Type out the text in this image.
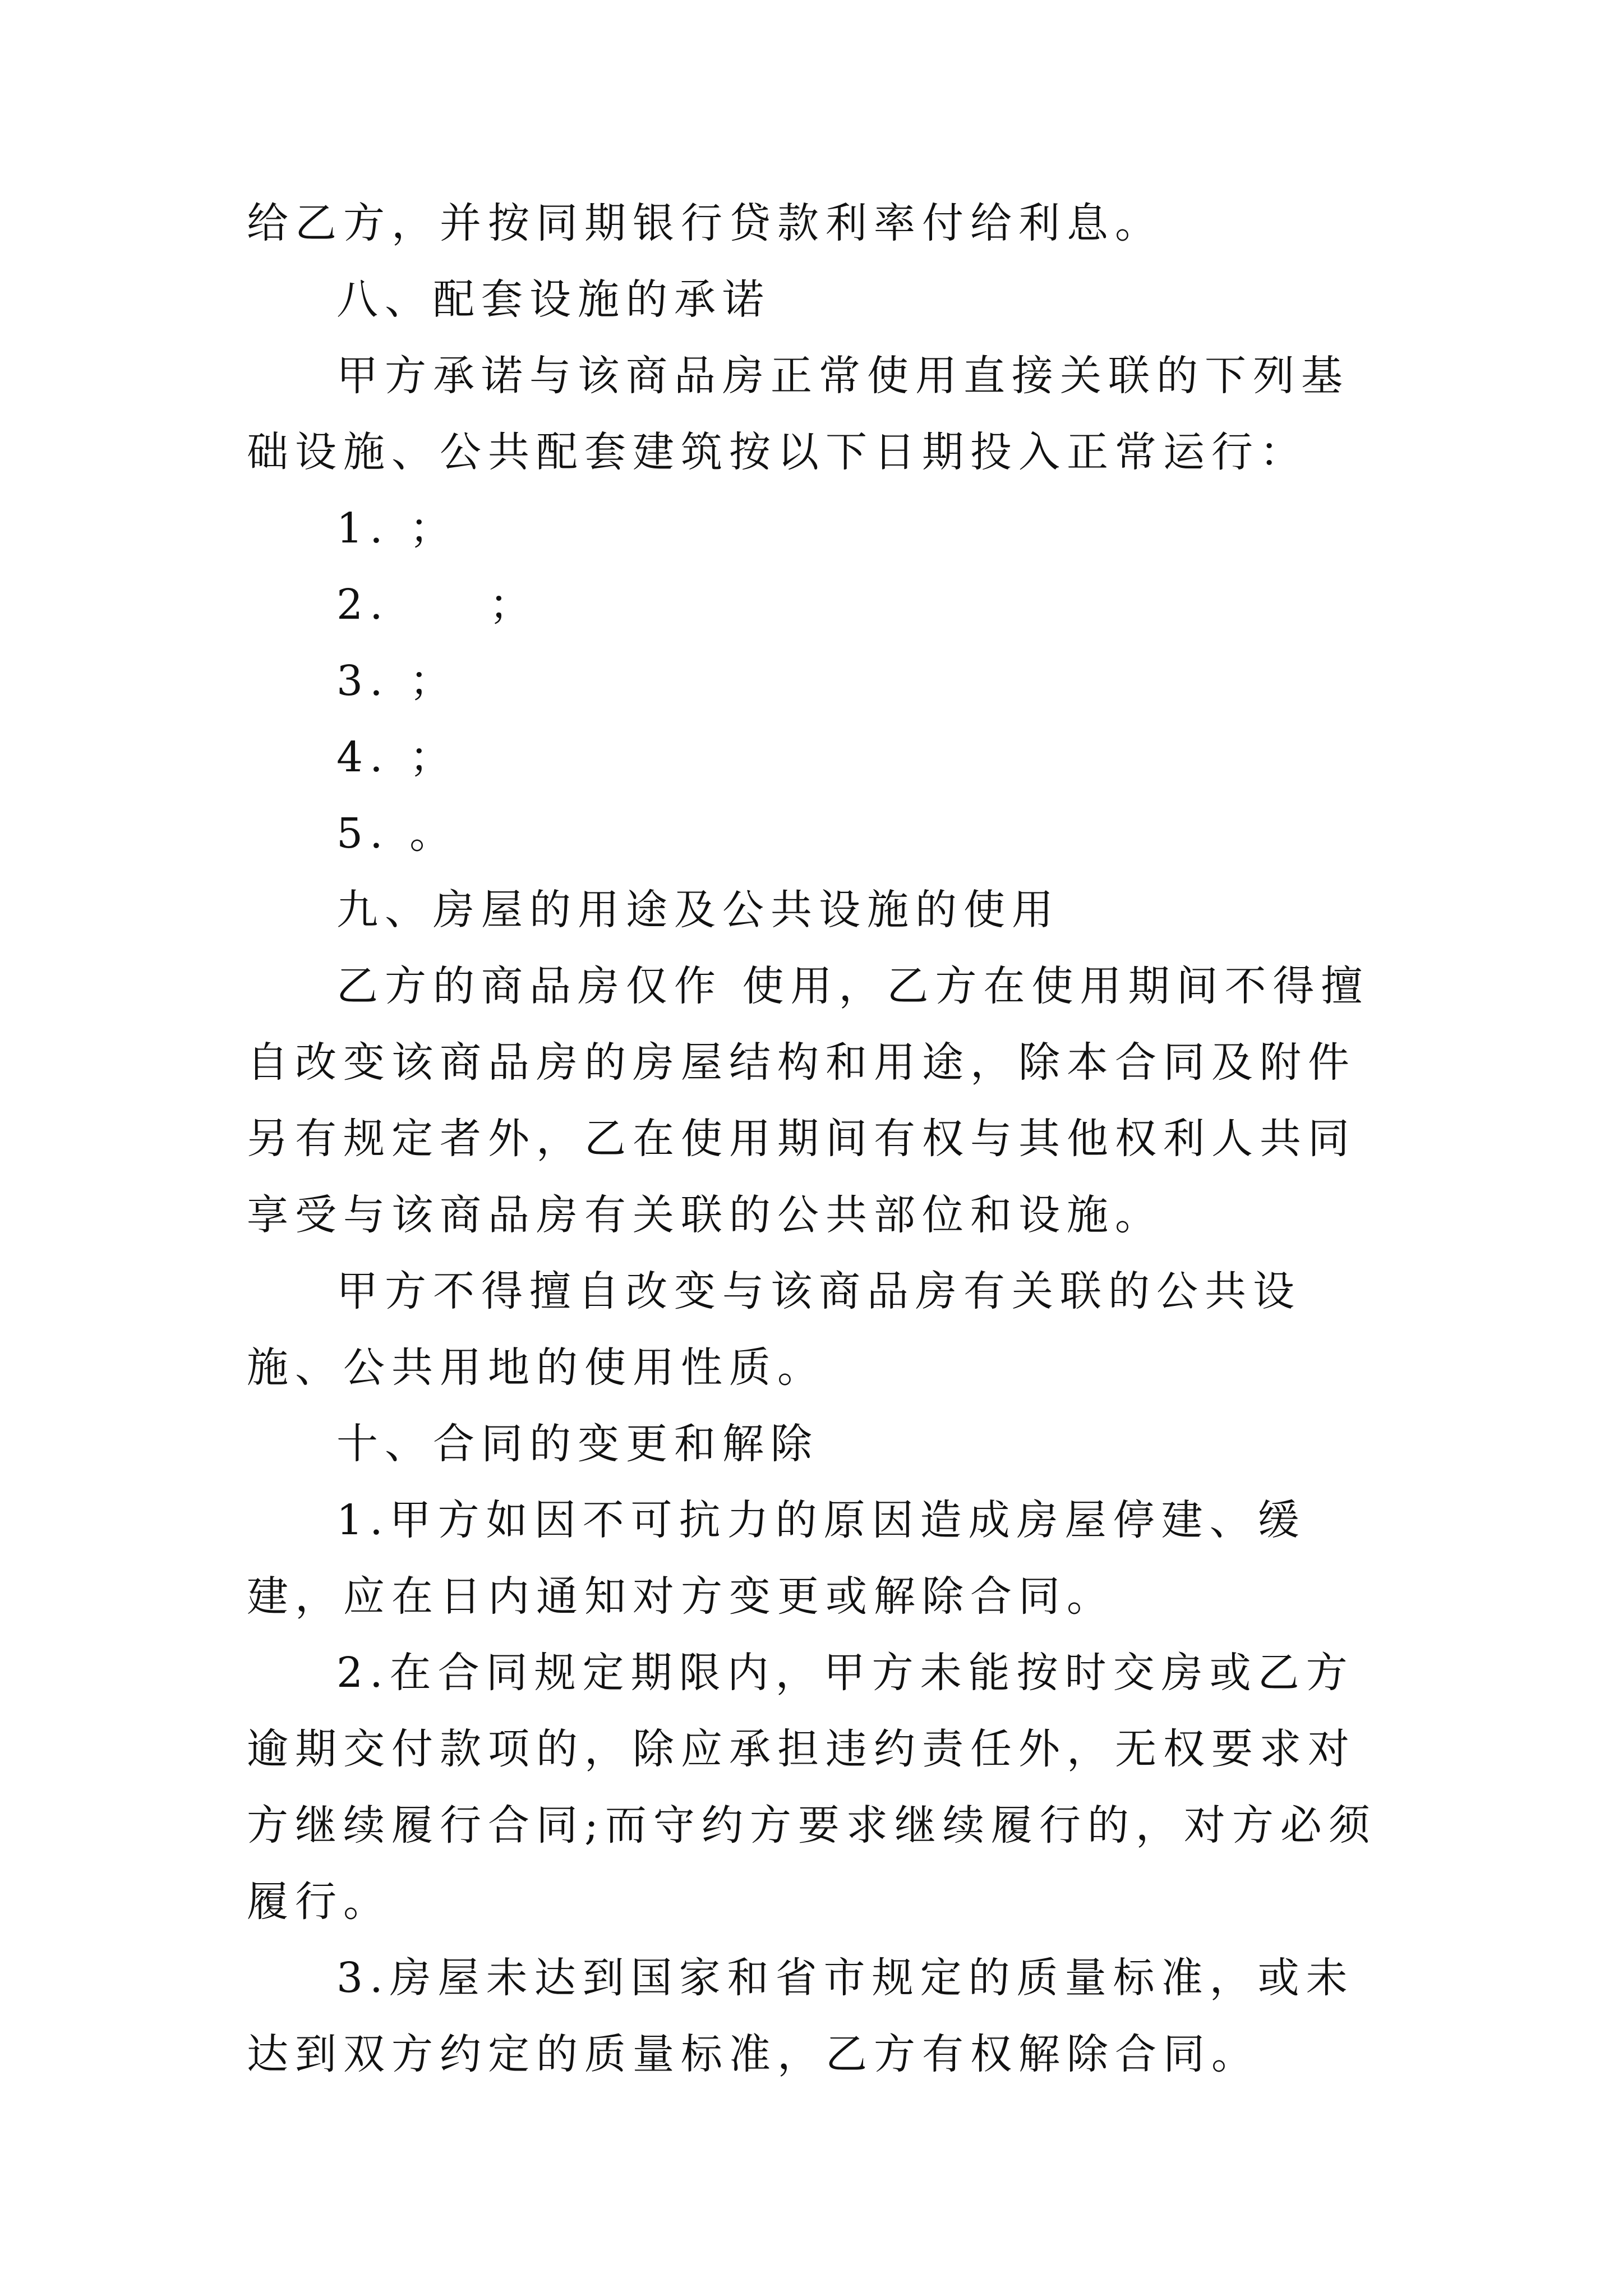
给乙方，并按同期银行贷款利率付给利息。

八、配套设施的承诺

甲方承诺与该商品房正常使用直接关联的下列基础设施、公共配套建筑按以下日期投入正常运行：

1. ；

2.     ；

3. ；

4. ；

5. 。

九、房屋的用途及公共设施的使用

乙方的商品房仅作 使用，乙方在使用期间不得擅自改变该商品房的房屋结构和用途，除本合同及附件另有规定者外，乙在使用期间有权与其他权利人共同享受与该商品房有关联的公共部位和设施。

甲方不得擅自改变与该商品房有关联的公共设施、公共用地的使用性质。

十、合同的变更和解除

1.甲方如因不可抗力的原因造成房屋停建、缓建，应在日内通知对方变更或解除合同。

2.在合同规定期限内，甲方未能按时交房或乙方逾期交付款项的，除应承担违约责任外，无权要求对方继续履行合同;而守约方要求继续履行的，对方必须履行。

3.房屋未达到国家和省市规定的质量标准，或未达到双方约定的质量标准，乙方有权解除合同。
